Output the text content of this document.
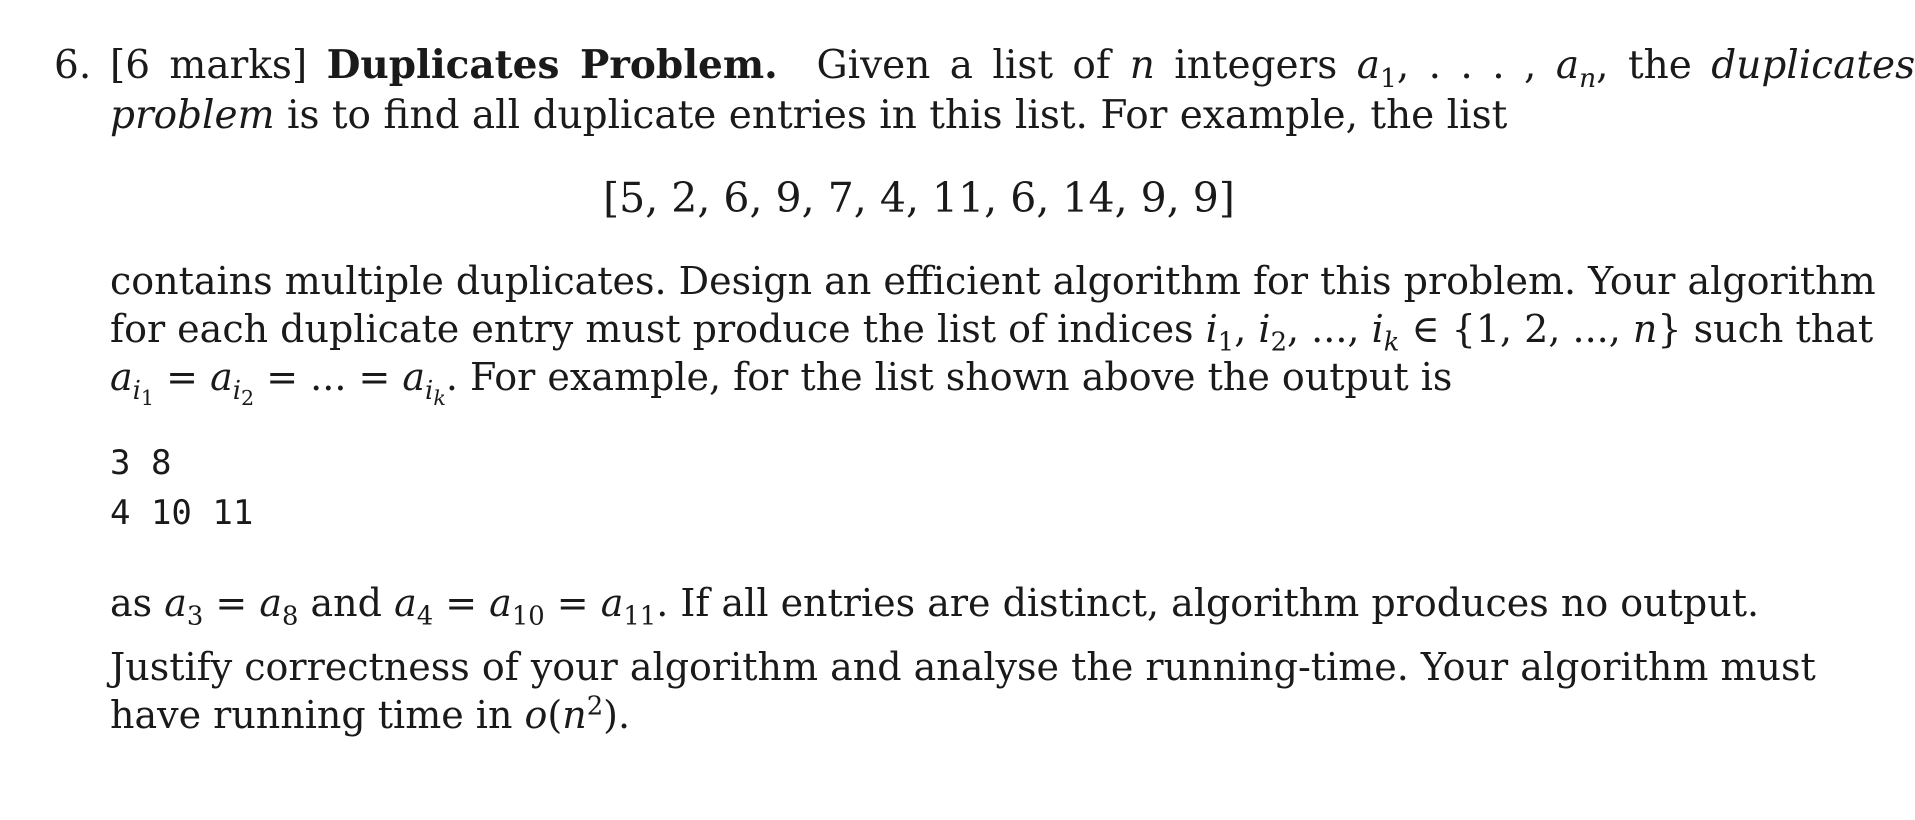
6. [6 marks] Duplicates Problem. Given a list of n integers $a_1$, . . . , $a_n$, the duplicates
problem is to find all duplicate entries in this list. For example, the list
[5, 2, 6, 9, 7, 4, 11, 6, 14, 9, 9]
contains multiple duplicates. Design an efficient algorithm for this problem. Your algorithm
for each duplicate entry must produce the list of indices $i_1$, $i_2$, ..., $i_k$ ∈ {1, 2, ..., n} such that
$a_{i_1} = a_{i_2}$ = ... = $a_{i_k}$. For example, for the list shown above the output is
3 8
4 10 11
as $a_3 = a_8$ and $a_4 = a_{10} = a_{11}$. If all entries are distinct, algorithm produces no output.
Justify correctness of your algorithm and analyse the running-time. Your algorithm must
have running time in $o(n^2)$.
